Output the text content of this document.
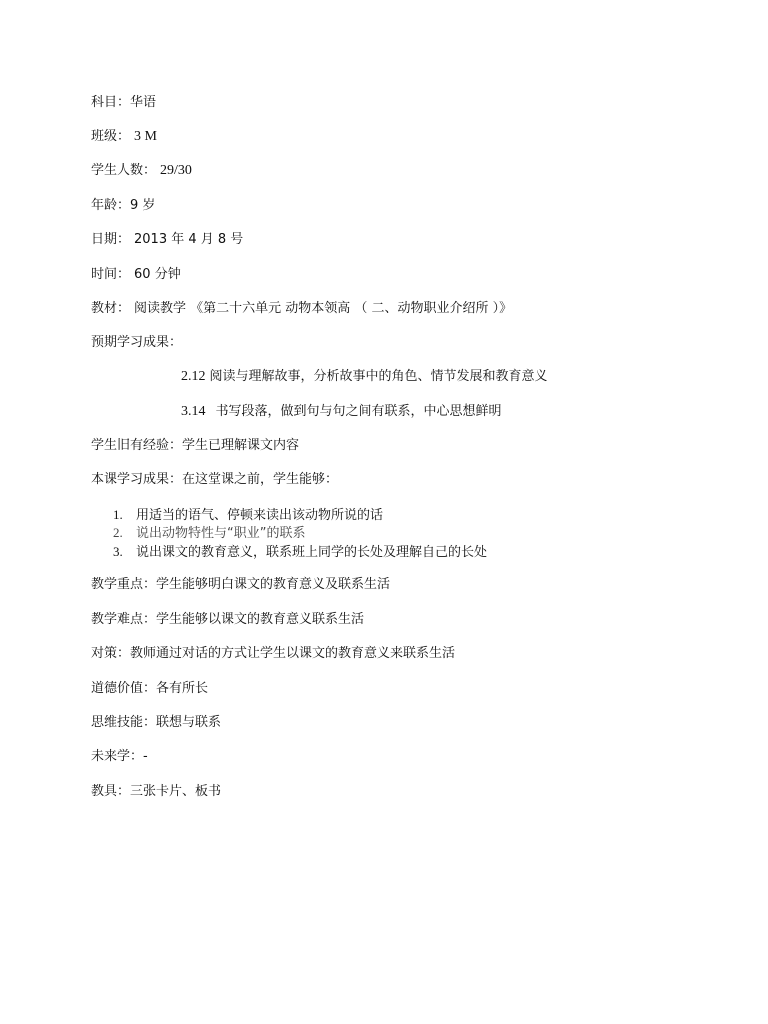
科目：华语
班级： 3 M
学生人数： 29/30
年龄：9 岁
日期： 2013 年 4 月 8 号
时间： 60 分钟
教材： 阅读教学 《第二十六单元 动物本领高 （ 二、动物职业介绍所 ）》
预期学习成果：
2.12 阅读与理解故事，分析故事中的角色、情节发展和教育意义
3.14 书写段落，做到句与句之间有联系，中心思想鲜明
学生旧有经验：学生已理解课文内容
本课学习成果：在这堂课之前，学生能够：
1. 用适当的语气、停顿来读出该动物所说的话
2. 说出动物特性与“职业”的联系
3. 说出课文的教育意义，联系班上同学的长处及理解自己的长处
教学重点：学生能够明白课文的教育意义及联系生活
教学难点：学生能够以课文的教育意义联系生活
对策：教师通过对话的方式让学生以课文的教育意义来联系生活
道德价值：各有所长
思维技能：联想与联系
未来学：-
教具：三张卡片、板书
